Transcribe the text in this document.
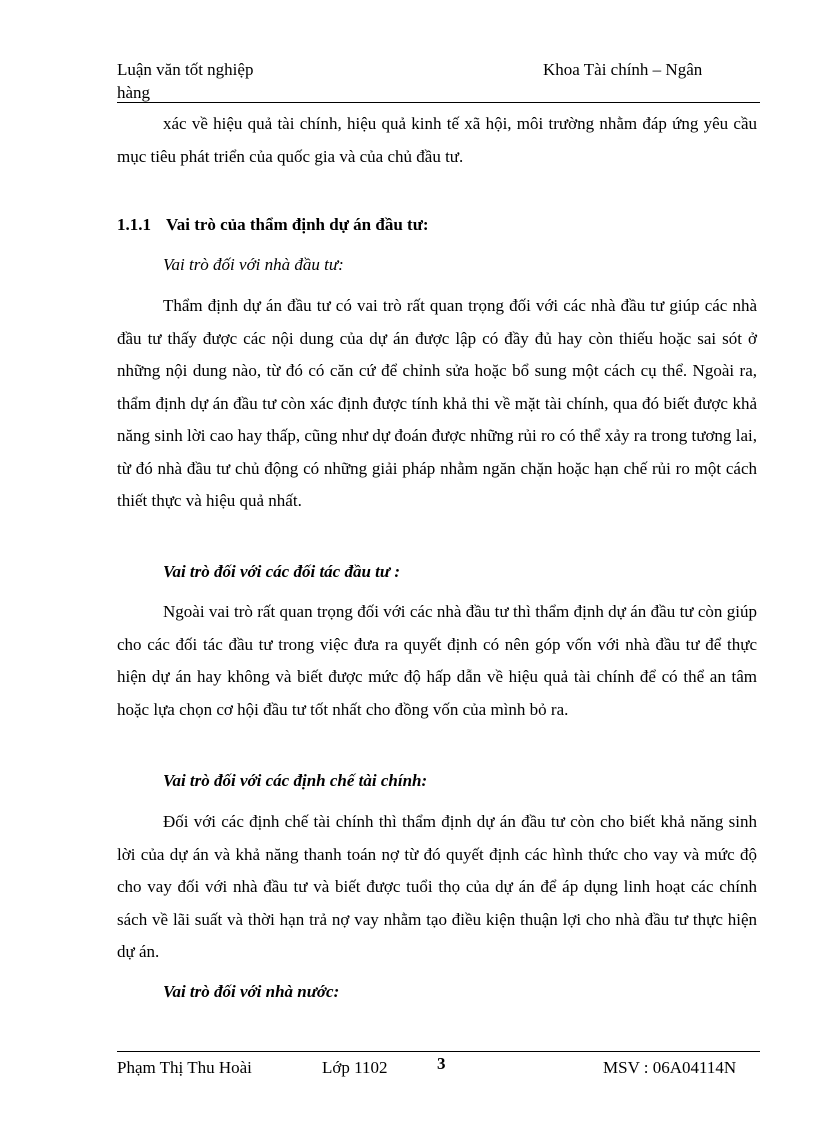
Luận văn tốt nghiệp
hàng
Khoa Tài chính – Ngân

xác về hiệu quả tài chính, hiệu quả kinh tế xã hội, môi trường nhằm đáp ứng yêu cầu mục tiêu phát triển của quốc gia và của chủ đầu tư.

1.1.1 Vai trò của thẩm định dự án đầu tư:
Vai trò đối với nhà đầu tư:

Thẩm định dự án đầu tư có vai trò rất quan trọng đối với các nhà đầu tư giúp các nhà đầu tư thấy được các nội dung của dự án được lập có đầy đủ hay còn thiếu hoặc sai sót ở những nội dung nào, từ đó có căn cứ để chỉnh sửa hoặc bổ sung một cách cụ thể. Ngoài ra, thẩm định dự án đầu tư còn xác định được tính khả thi về mặt tài chính, qua đó biết được khả năng sinh lời cao hay thấp, cũng như dự đoán được những rủi ro có thể xảy ra trong tương lai, từ đó nhà đầu tư chủ động có những giải pháp nhằm ngăn chặn hoặc hạn chế rủi ro một cách thiết thực và hiệu quả nhất.

Vai trò đối với các đối tác đầu tư :

Ngoài vai trò rất quan trọng đối với các nhà đầu tư thì thẩm định dự án đầu tư còn giúp cho các đối tác đầu tư trong việc đưa ra quyết định có nên góp vốn với nhà đầu tư để thực hiện dự án hay không và biết được mức độ hấp dẫn về hiệu quả tài chính để có thể an tâm hoặc lựa chọn cơ hội đầu tư tốt nhất cho đồng vốn của mình bỏ ra.

Vai trò đối với các định chế tài chính:

Đối với các định chế tài chính thì thẩm định dự án đầu tư còn cho biết khả năng sinh lời của dự án và khả năng thanh toán nợ từ đó quyết định các hình thức cho vay và mức độ cho vay đối với nhà đầu tư và biết được tuổi thọ của dự án để áp dụng linh hoạt các chính sách về lãi suất và thời hạn trả nợ vay nhằm tạo điều kiện thuận lợi cho nhà đầu tư thực hiện dự án.

Vai trò đối với nhà nước:
Phạm Thị Thu Hoài	Lớp 1102	3	MSV : 06A04114N
